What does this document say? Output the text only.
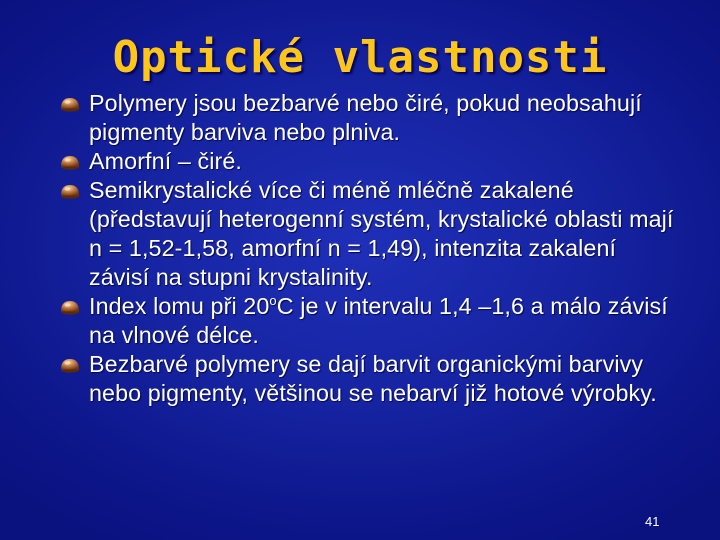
Optické vlastnosti
Polymery jsou bezbarvé nebo čiré, pokud neobsahují pigmenty barviva nebo plniva.
Amorfní – čiré.
Semikrystalické více či méně mléčně zakalené (představují heterogenní systém, krystalické oblasti mají n = 1,52-1,58, amorfní n = 1,49), intenzita zakalení závisí na stupni krystalinity.
Index lomu při 20$^o$C je v intervalu 1,4 –1,6 a málo závisí na vlnové délce.
Bezbarvé polymery se dají barvit organickými barvivy nebo pigmenty, většinou se nebarví již hotové výrobky.
41
